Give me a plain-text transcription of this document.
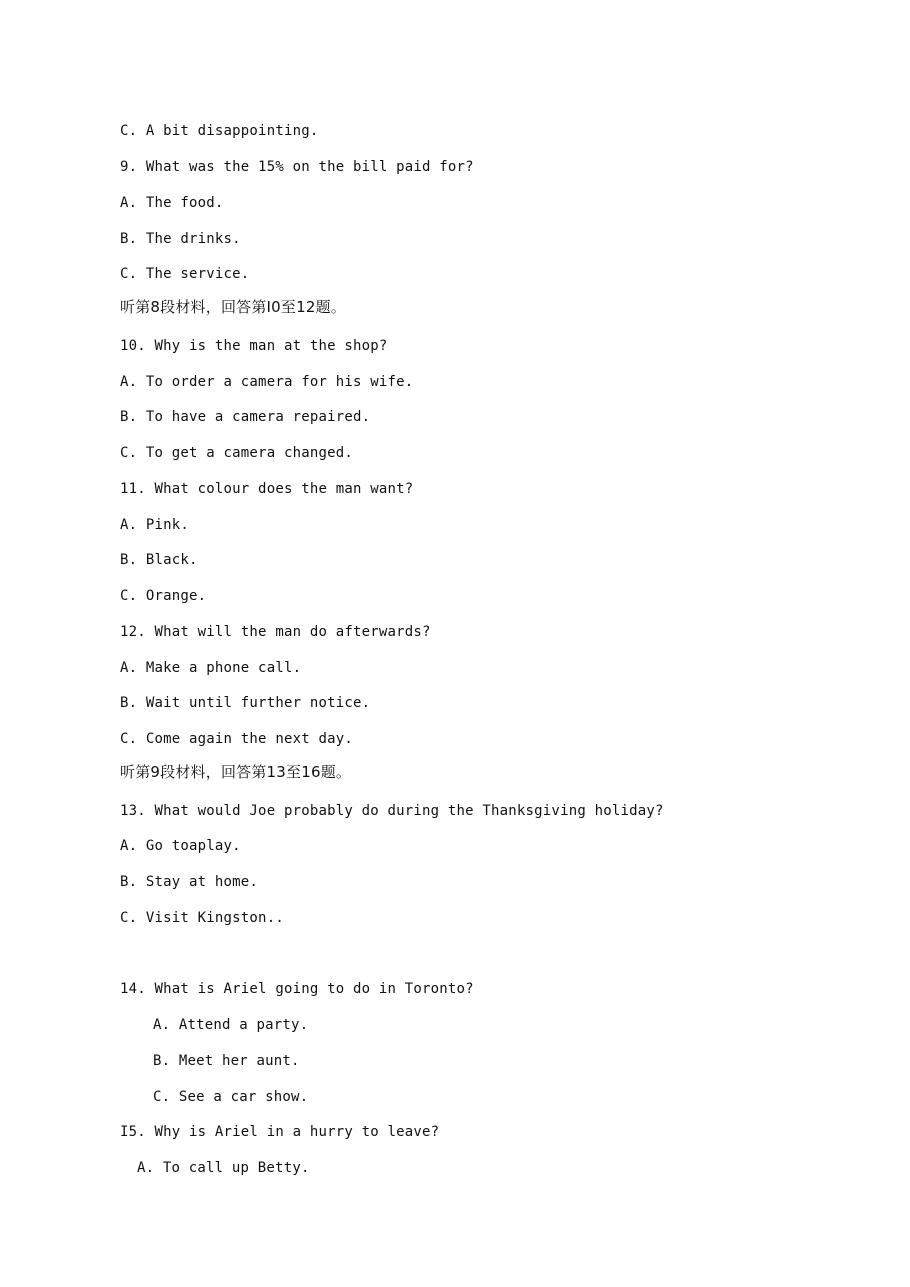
C. A bit disappointing.
9. What was the 15% on the bill paid for?
A. The food.
B. The drinks.
C. The service.
听第8段材料，回答第I0至12题。
10. Why is the man at the shop?
A. To order a camera for his wife.
B. To have a camera repaired.
C. To get a camera changed.
11. What colour does the man want?
A. Pink.
B. Black.
C. Orange.
12. What will the man do afterwards?
A. Make a phone call.
B. Wait until further notice.
C. Come again the next day.
听第9段材料，回答第13至16题。
13. What would Joe probably do during the Thanksgiving holiday?
A. Go toaplay.
B. Stay at home.
C. Visit Kingston..
14. What is Ariel going to do in Toronto?
A. Attend a party.
B. Meet her aunt.
C. See a car show.
I5. Why is Ariel in a hurry to leave?
A. To call up Betty.
